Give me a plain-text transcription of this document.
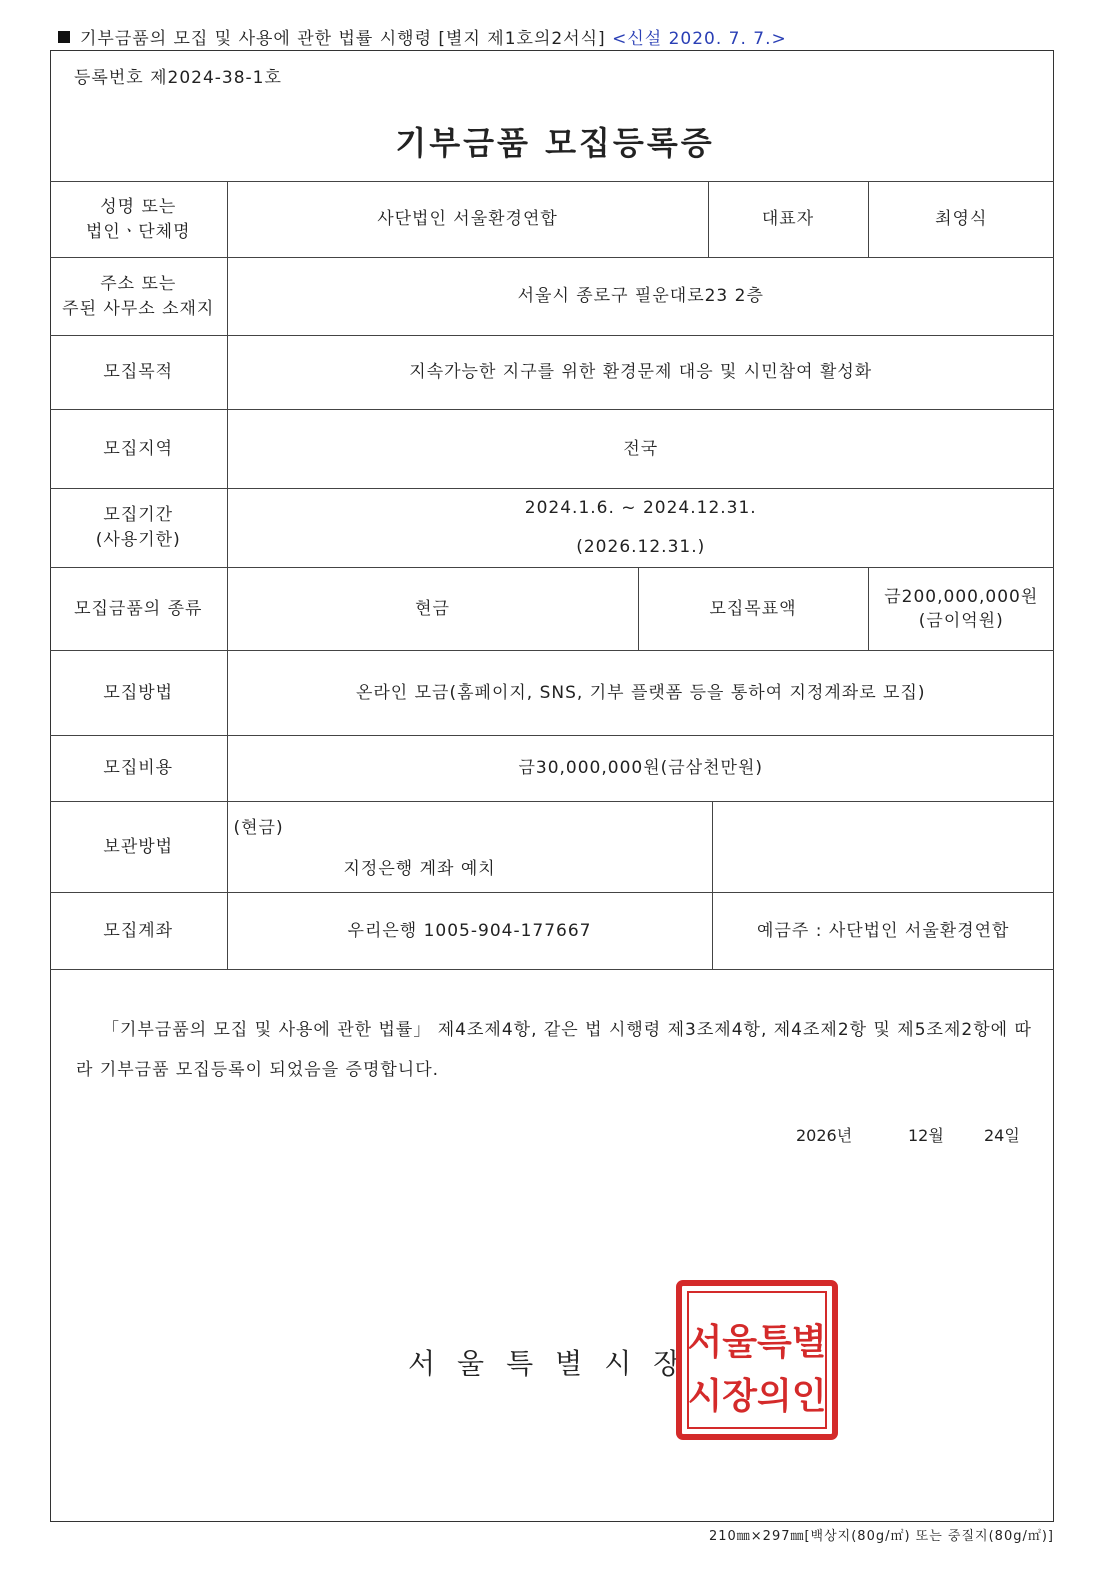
기부금품의 모집 및 사용에 관한 법률 시행령 [별지 제1호의2서식] <신설 2020. 7. 7.>
등록번호 제2024-38-1호
기부금품 모집등록증
성명 또는
법인ㆍ단체명	사단법인 서울환경연합		대표자		최영식
주소 또는
주된 사무소 소재지	서울시 종로구 필운대로23 2층				
모집목적	지속가능한 지구를 위한 환경문제 대응 및 시민참여 활성화				
모집지역	전국				
모집기간
(사용기한)	2024.1.6. ~ 2024.12.31.
(2026.12.31.)				
모집금품의 종류	현금	모집목표액			금200,000,000원
(금이억원)
모집방법	온라인 모금(홈페이지, SNS, 기부 플랫폼 등을 통하여 지정계좌로 모집)				
모집비용	금30,000,000원(금삼천만원)				
보관방법	(현금)
지정은행 계좌 예치				

모집계좌	우리은행 1005-904-177667			예금주 : 사단법인 서울환경연합	
「기부금품의 모집 및 사용에 관한 법률」 제4조제4항, 같은 법 시행령 제3조제4항, 제4조제2항 및 제5조제2항에 따라 기부금품 모집등록이 되었음을 증명합니다.
2026년	12월	24일
서울특별시장
서울특별
시장의인
210㎜×297㎜[백상지(80g/㎡) 또는 중질지(80g/㎡)]
